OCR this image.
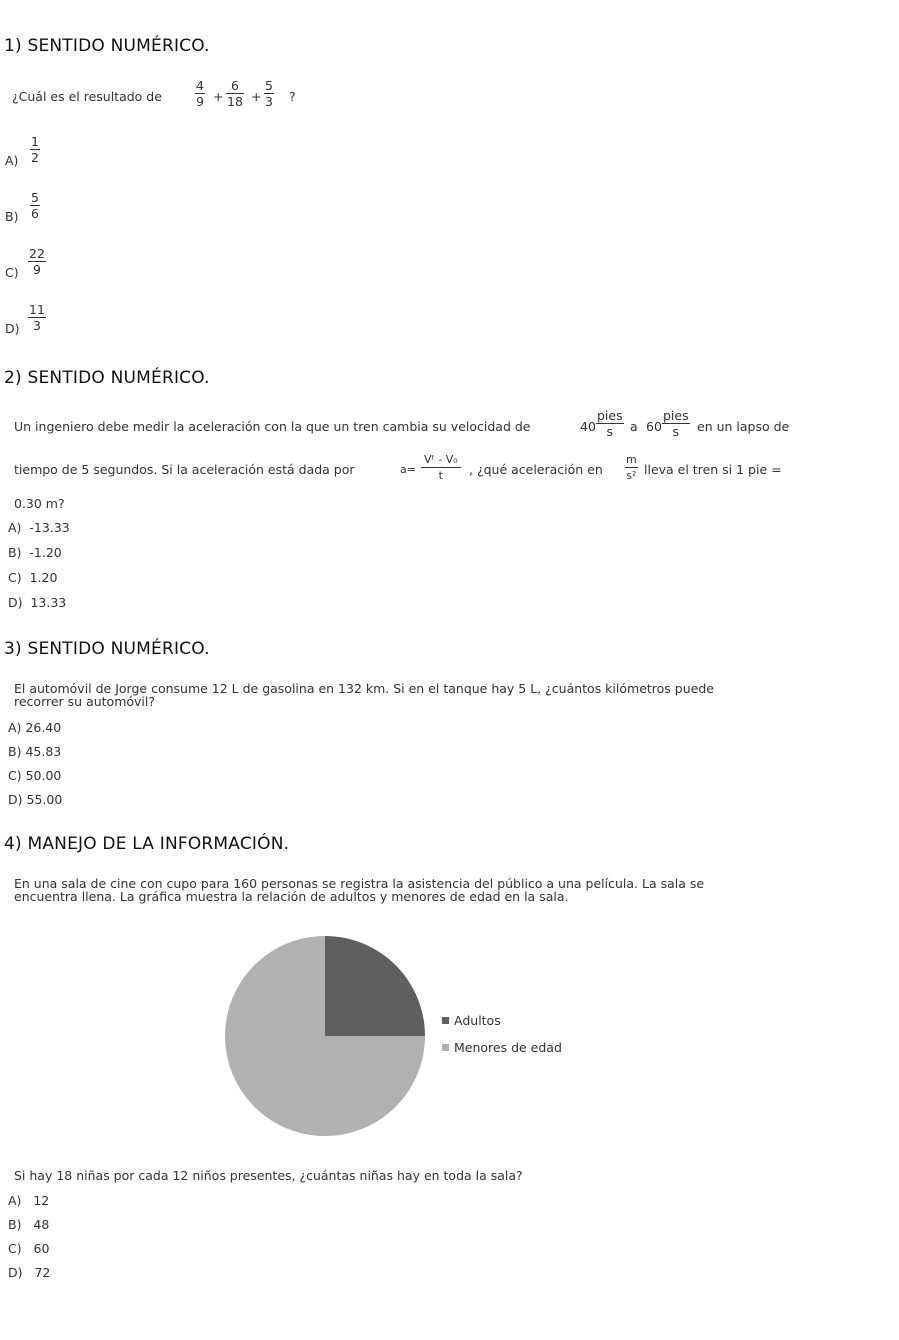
1) SENTIDO NUMÉRICO.
¿Cuál es el resultado de	$\frac{4}{9} + \frac{6}{18} + \frac{5}{3}$ ?
$A) \frac{1}{2}$
$B) \frac{5}{6}$
$C) \frac{22}{9}$
$D) \frac{11}{3}$
2) SENTIDO NUMÉRICO.
Un ingeniero debe medir la aceleración con la que un tren cambia su velocidad de	40
pies
s	a 60
pies
s	en un lapso de
tiempo de 5 segundos. Si la aceleración está dada por	$a= \frac{\text{Vᶠ - V₀}}{t}$ , ¿qué aceleración en $\frac{m}{\text{s²}}$ lleva el tren si 1 pie =
0.30 m?
A) -13.33
B) -1.20
C) 1.20
D) 13.33
3) SENTIDO NUMÉRICO.
El automóvil de Jorge consume 12 L de gasolina en 132 km. Si en el tanque hay 5 L, ¿cuántos kilómetros puede
recorrer su automóvil?
A) 26.40
B) 45.83
C) 50.00
D) 55.00
4) MANEJO DE LA INFORMACIÓN.
En una sala de cine con cupo para 160 personas se registra la asistencia del público a una película. La sala se
encuentra llena. La gráfica muestra la relación de adultos y menores de edad en la sala.
Adultos
Menores de edad
Si hay 18 niñas por cada 12 niños presentes, ¿cuántas niñas hay en toda la sala?
A) 12
B) 48
C) 60
D) 72
